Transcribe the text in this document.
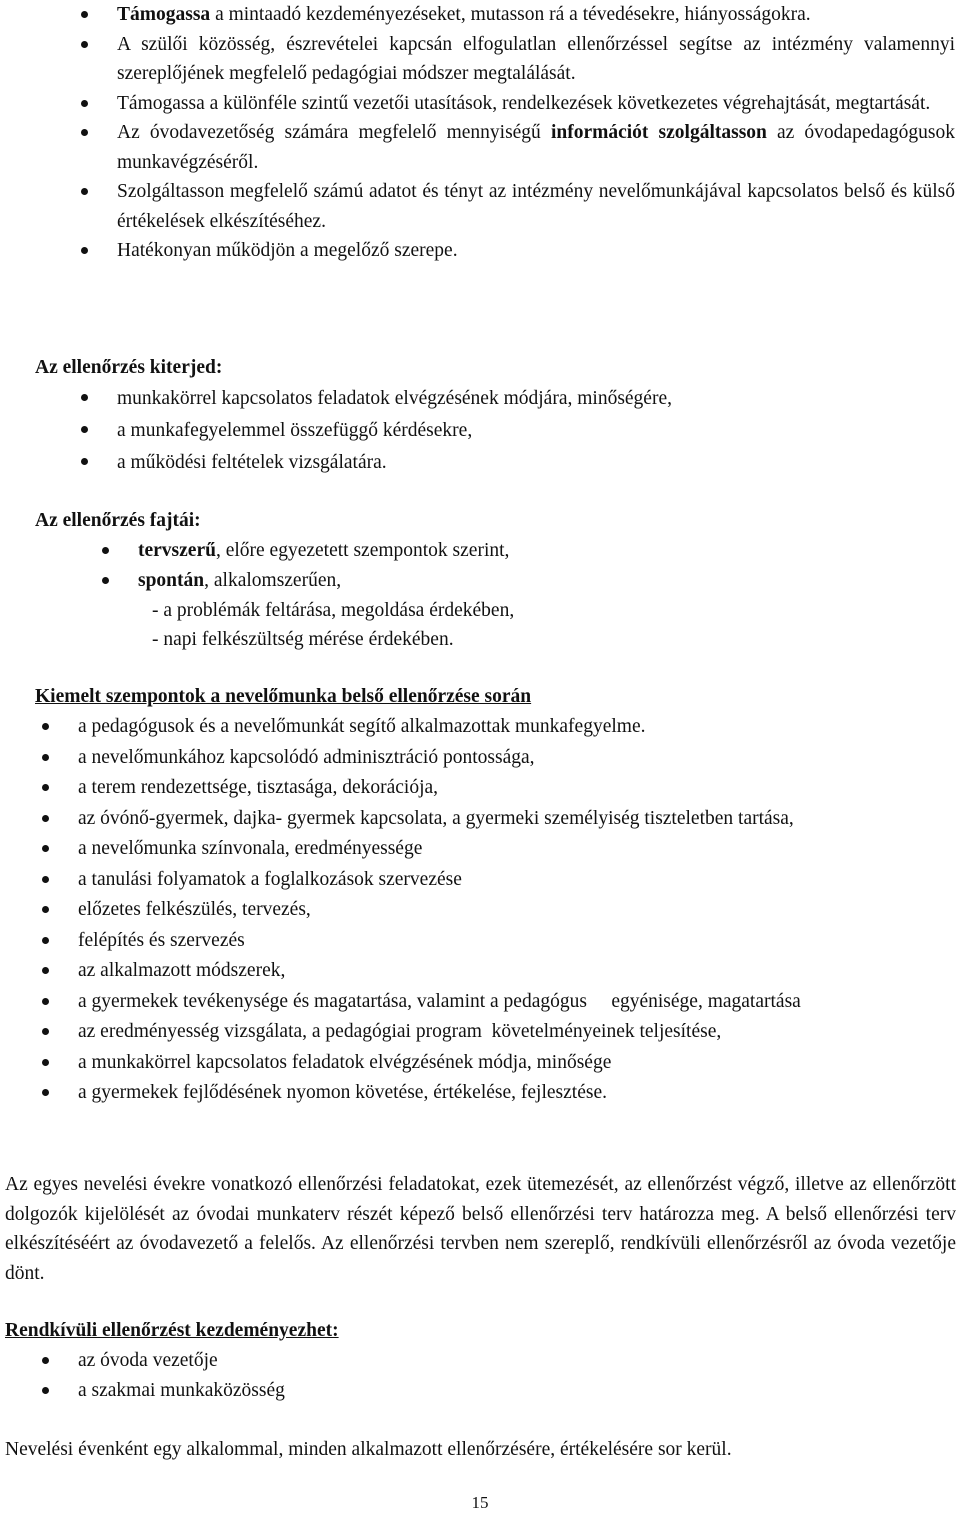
Támogassa a mintaadó kezdeményezéseket, mutasson rá a tévedésekre, hiányosságokra.
A szülői közösség, észrevételei kapcsán elfogulatlan ellenőrzéssel segítse az intézmény valamennyi szereplőjének megfelelő pedagógiai módszer megtalálását.
Támogassa a különféle szintű vezetői utasítások, rendelkezések következetes végrehajtását, megtartását.
Az óvodavezetőség számára megfelelő mennyiségű információt szolgáltasson az óvodapedagógusok munkavégzéséről.
Szolgáltasson megfelelő számú adatot és tényt az intézmény nevelőmunkájával kapcsolatos belső és külső értékelések elkészítéséhez.
Hatékonyan működjön a megelőző szerepe.
Az ellenőrzés kiterjed:
munkakörrel kapcsolatos feladatok elvégzésének módjára, minőségére,
a munkafegyelemmel összefüggő kérdésekre,
a működési feltételek vizsgálatára.
Az ellenőrzés fajtái:
tervszerű, előre egyezetett szempontok szerint,
spontán, alkalomszerűen,
- a problémák feltárása, megoldása érdekében,
- napi felkészültség mérése érdekében.
Kiemelt szempontok a nevelőmunka belső ellenőrzése során
a pedagógusok és a nevelőmunkát segítő alkalmazottak munkafegyelme.
a nevelőmunkához kapcsolódó adminisztráció pontossága,
a terem rendezettsége, tisztasága, dekorációja,
az óvónő-gyermek, dajka- gyermek kapcsolata, a gyermeki személyiség tiszteletben tartása,
a nevelőmunka színvonala, eredményessége
a tanulási folyamatok a foglalkozások szervezése
előzetes felkészülés, tervezés,
felépítés és szervezés
az alkalmazott módszerek,
a gyermekek tevékenysége és magatartása, valamint a pedagógus     egyénisége, magatartása
az eredményesség vizsgálata, a pedagógiai program  követelményeinek teljesítése,
a munkakörrel kapcsolatos feladatok elvégzésének módja, minősége
a gyermekek fejlődésének nyomon követése, értékelése, fejlesztése.
Az egyes nevelési évekre vonatkozó ellenőrzési feladatokat, ezek ütemezését, az ellenőrzést végző, illetve az ellenőrzött dolgozók kijelölését az óvodai munkaterv részét képező belső ellenőrzési terv határozza meg. A belső ellenőrzési terv elkészítéséért az óvodavezető a felelős. Az ellenőrzési tervben nem szereplő, rendkívüli ellenőrzésről az óvoda vezetője dönt.
Rendkívüli ellenőrzést kezdeményezhet:
az óvoda vezetője
a szakmai munkaközösség
Nevelési évenként egy alkalommal, minden alkalmazott ellenőrzésére, értékelésére sor kerül.
15
